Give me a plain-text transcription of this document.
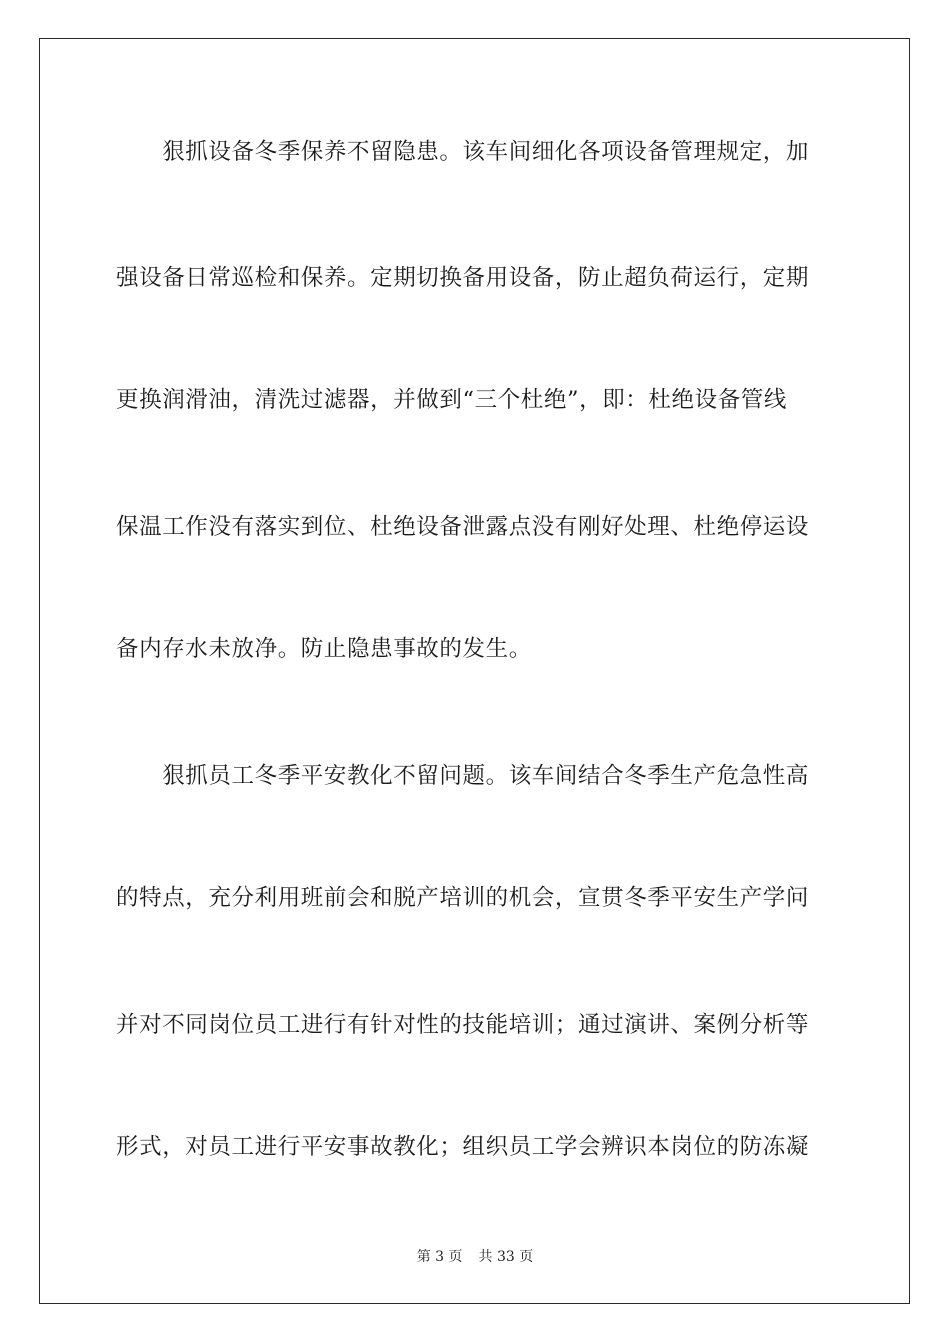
　　狠抓设备冬季保养不留隐患。该车间细化各项设备管理规定，加
强设备日常巡检和保养。定期切换备用设备，防止超负荷运行，定期
更换润滑油，清洗过滤器，并做到“三个杜绝”，即：杜绝设备管线
保温工作没有落实到位、杜绝设备泄露点没有刚好处理、杜绝停运设
备内存水未放净。防止隐患事故的发生。
　　狠抓员工冬季平安教化不留问题。该车间结合冬季生产危急性高
的特点，充分利用班前会和脱产培训的机会，宣贯冬季平安生产学问
并对不同岗位员工进行有针对性的技能培训；通过演讲、案例分析等
形式，对员工进行平安事故教化；组织员工学会辨识本岗位的防冻凝
第 3 页 共 33 页
